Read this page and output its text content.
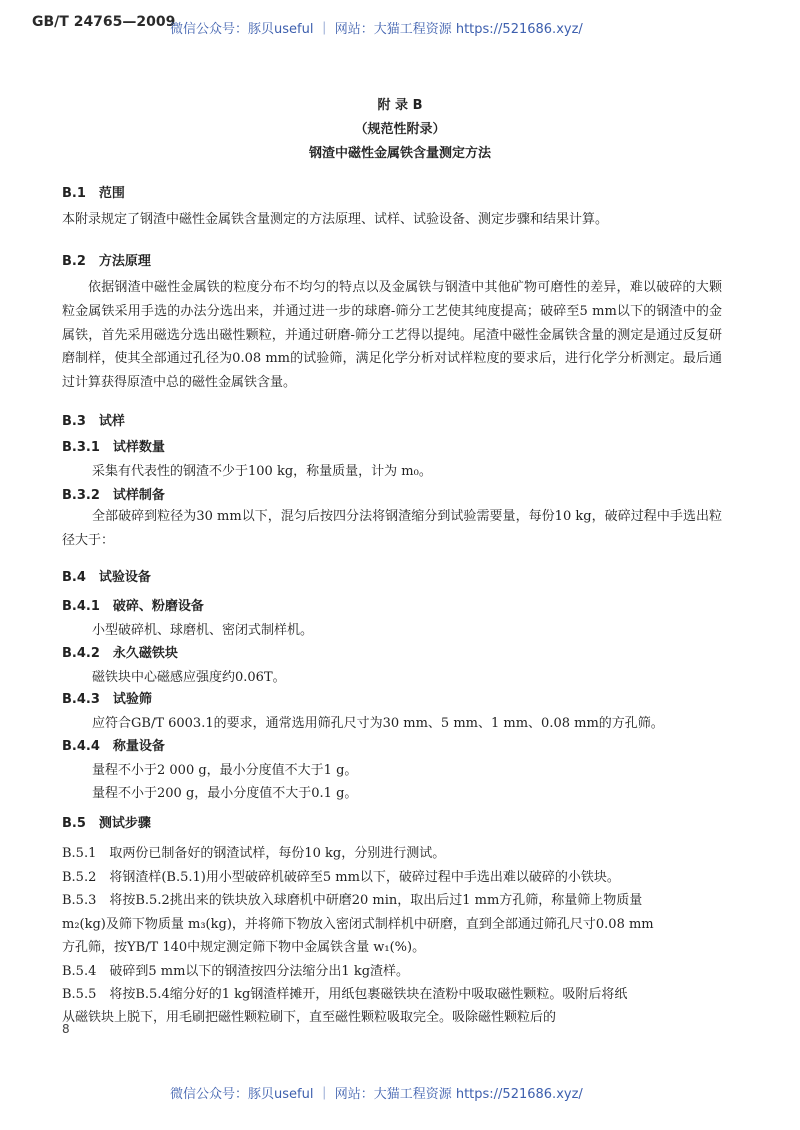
GB/T 24765—2009
微信公众号：豚贝useful ｜ 网站：大猫工程资源 https://521686.xyz/
附 录 B
（规范性附录）
钢渣中磁性金属铁含量测定方法
B.1　范围
本附录规定了钢渣中磁性金属铁含量测定的方法原理、试样、试验设备、测定步骤和结果计算。
B.2　方法原理
依据钢渣中磁性金属铁的粒度分布不均匀的特点以及金属铁与钢渣中其他矿物可磨性的差异，难以破碎的大颗粒金属铁采用手选的办法分选出来，并通过进一步的球磨-筛分工艺使其纯度提高；破碎至5 mm以下的钢渣中的金属铁，首先采用磁选分选出磁性颗粒，并通过研磨-筛分工艺得以提纯。尾渣中磁性金属铁含量的测定是通过反复研磨制样，使其全部通过孔径为0.08 mm的试验筛，满足化学分析对试样粒度的要求后，进行化学分析测定。最后通过计算获得原渣中总的磁性金属铁含量。
B.3　试样
B.3.1　试样数量
采集有代表性的钢渣不少于100 kg，称量质量，计为 m₀。
B.3.2　试样制备
全部破碎到粒径为30 mm以下，混匀后按四分法将钢渣缩分到试验需要量，每份10 kg，破碎过程中手选出粒径大于：
B.4　试验设备
B.4.1　破碎、粉磨设备
小型破碎机、球磨机、密闭式制样机。
B.4.2　永久磁铁块
磁铁块中心磁感应强度约0.06T。
B.4.3　试验筛
应符合GB/T 6003.1的要求，通常选用筛孔尺寸为30 mm、5 mm、1 mm、0.08 mm的方孔筛。
B.4.4　称量设备
量程不小于2 000 g，最小分度值不大于1 g。
量程不小于200 g，最小分度值不大于0.1 g。
B.5　测试步骤
B.5.1　取两份已制备好的钢渣试样，每份10 kg，分别进行测试。
B.5.2　将钢渣样(B.5.1)用小型破碎机破碎至5 mm以下，破碎过程中手选出难以破碎的小铁块。
B.5.3　将按B.5.2挑出来的铁块放入球磨机中研磨20 min，取出后过1 mm方孔筛，称量筛上物质量
m₂(kg)及筛下物质量 m₃(kg)，并将筛下物放入密闭式制样机中研磨，直到全部通过筛孔尺寸0.08 mm
方孔筛，按YB/T 140中规定测定筛下物中金属铁含量 w₁(%)。
B.5.4　破碎到5 mm以下的钢渣按四分法缩分出1 kg渣样。
B.5.5　将按B.5.4缩分好的1 kg钢渣样摊开，用纸包裹磁铁块在渣粉中吸取磁性颗粒。吸附后将纸
从磁铁块上脱下，用毛刷把磁性颗粒刷下，直至磁性颗粒吸取完全。吸除磁性颗粒后的
8
微信公众号：豚贝useful ｜ 网站：大猫工程资源 https://521686.xyz/
